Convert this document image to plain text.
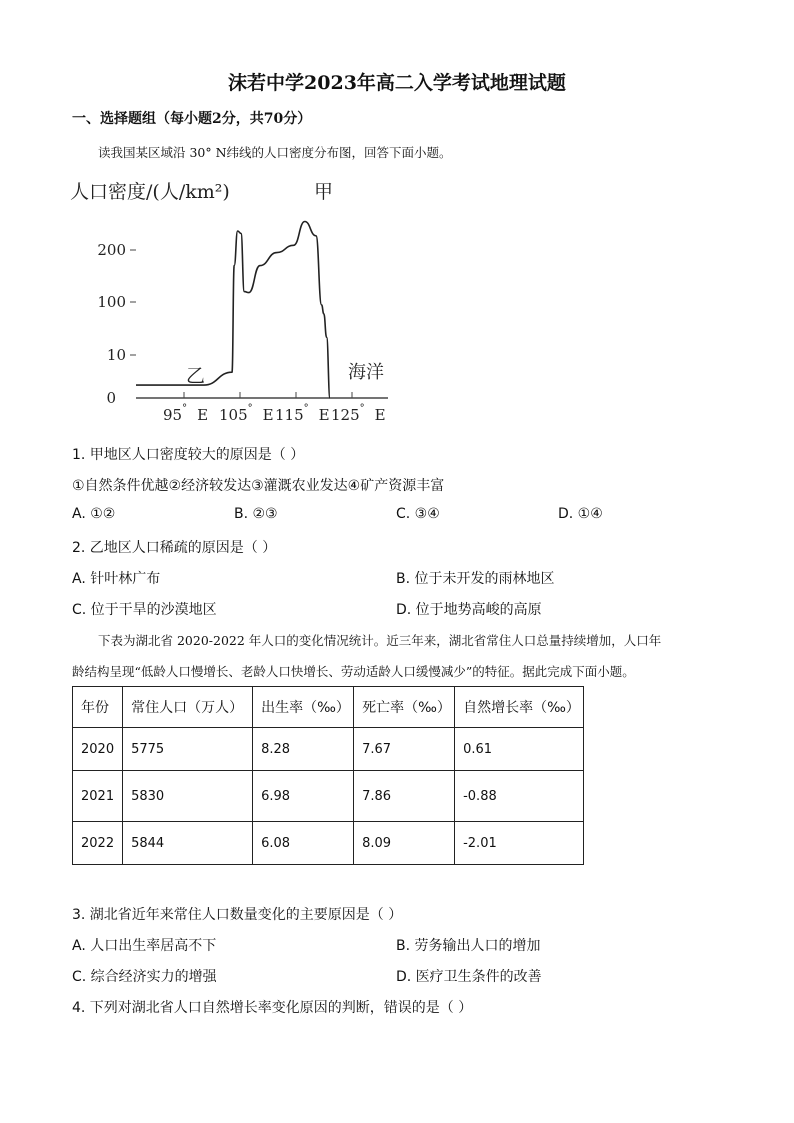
沫若中学2023年高二入学考试地理试题
一、选择题组（每小题2分，共70分）
读我国某区域沿 30° N纬线的人口密度分布图，回答下面小题。
人口密度/(人/km²)
0
10
100
200
95° E 105° E 115° E 125° E
甲
乙	海洋
1. 甲地区人口密度较大的原因是（ ）
①自然条件优越②经济较发达③灌溉农业发达④矿产资源丰富
A. ①②	B. ②③	C. ③④	D. ①④
2. 乙地区人口稀疏的原因是（ ）
A. 针叶林广布	B. 位于未开发的雨林地区
C. 位于干旱的沙漠地区	D. 位于地势高峻的高原
下表为湖北省 2020-2022 年人口的变化情况统计。近三年来，湖北省常住人口总量持续增加，人口年
龄结构呈现“低龄人口慢增长、老龄人口快增长、劳动适龄人口缓慢减少”的特征。据此完成下面小题。
年份	常住人口（万人）	出生率（‰）	死亡率（‰）	自然增长率（‰）
2020	5775	8.28	7.67	0.61
2021	5830	6.98	7.86	-0.88
2022	5844	6.08	8.09	-2.01
3. 湖北省近年来常住人口数量变化的主要原因是（ ）
A. 人口出生率居高不下	B. 劳务输出人口的增加
C. 综合经济实力的增强	D. 医疗卫生条件的改善
4. 下列对湖北省人口自然增长率变化原因的判断，错误的是（ ）
